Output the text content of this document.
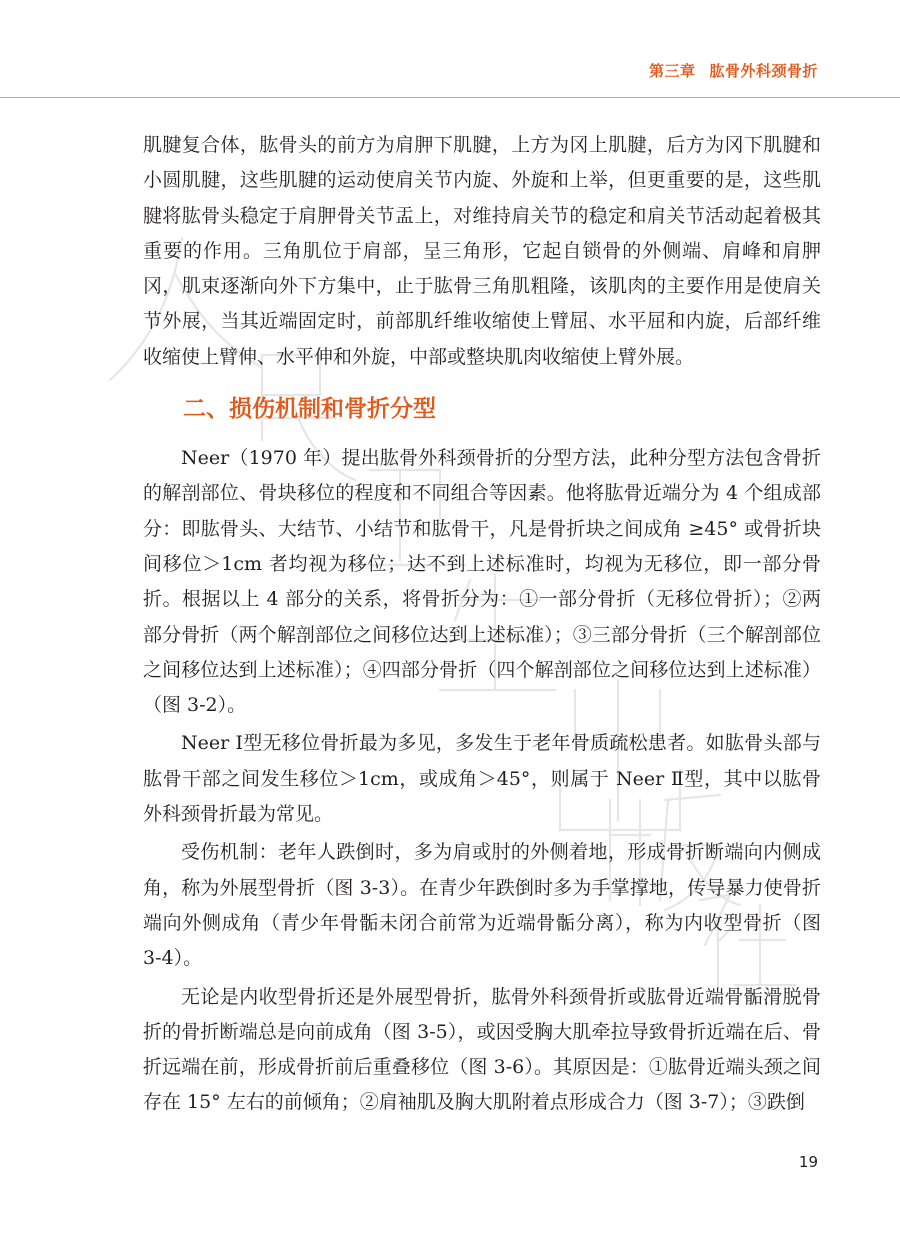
第三章 肱骨外科颈骨折

肌腱复合体，肱骨头的前方为肩胛下肌腱，上方为冈上肌腱，后方为冈下肌腱和小圆肌腱，这些肌腱的运动使肩关节内旋、外旋和上举，但更重要的是，这些肌腱将肱骨头稳定于肩胛骨关节盂上，对维持肩关节的稳定和肩关节活动起着极其重要的作用。三角肌位于肩部，呈三角形，它起自锁骨的外侧端、肩峰和肩胛冈，肌束逐渐向外下方集中，止于肱骨三角肌粗隆，该肌肉的主要作用是使肩关节外展，当其近端固定时，前部肌纤维收缩使上臂屈、水平屈和内旋，后部纤维收缩使上臂伸、水平伸和外旋，中部或整块肌肉收缩使上臂外展。

二、损伤机制和骨折分型

Neer（1970 年）提出肱骨外科颈骨折的分型方法，此种分型方法包含骨折的解剖部位、骨块移位的程度和不同组合等因素。他将肱骨近端分为 4 个组成部分：即肱骨头、大结节、小结节和肱骨干，凡是骨折块之间成角 ≥45° 或骨折块间移位＞1cm 者均视为移位；达不到上述标准时，均视为无移位，即一部分骨折。根据以上 4 部分的关系，将骨折分为：①一部分骨折（无移位骨折）；②两部分骨折（两个解剖部位之间移位达到上述标准）；③三部分骨折（三个解剖部位之间移位达到上述标准）；④四部分骨折（四个解剖部位之间移位达到上述标准）（图 3-2）。

Neer Ⅰ型无移位骨折最为多见，多发生于老年骨质疏松患者。如肱骨头部与肱骨干部之间发生移位＞1cm，或成角＞45°，则属于 Neer Ⅱ型，其中以肱骨外科颈骨折最为常见。

受伤机制：老年人跌倒时，多为肩或肘的外侧着地，形成骨折断端向内侧成角，称为外展型骨折（图 3-3）。在青少年跌倒时多为手掌撑地，传导暴力使骨折端向外侧成角（青少年骨骺未闭合前常为近端骨骺分离），称为内收型骨折（图 3-4）。

无论是内收型骨折还是外展型骨折，肱骨外科颈骨折或肱骨近端骨骺滑脱骨折的骨折断端总是向前成角（图 3-5），或因受胸大肌牵拉导致骨折近端在后、骨折远端在前，形成骨折前后重叠移位（图 3-6）。其原因是：①肱骨近端头颈之间存在 15° 左右的前倾角；②肩袖肌及胸大肌附着点形成合力（图 3-7）；③跌倒

19
